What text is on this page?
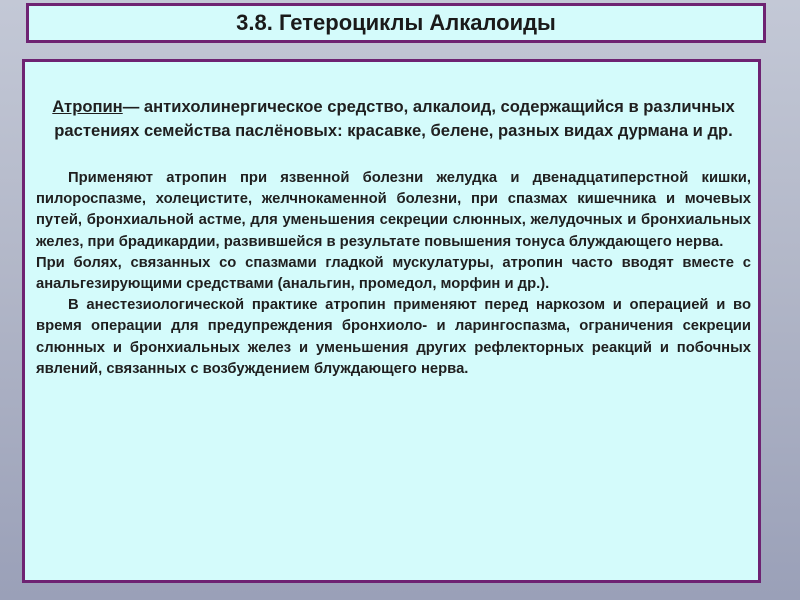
3.8. Гетероциклы Алкалоиды

Атропин— антихолинергическое средство, алкалоид, содержащийся в различных растениях семейства паслёновых: красавке, белене, разных видах дурмана и др.

Применяют атропин при язвенной болезни желудка и двенадцатиперстной кишки, пилороспазме, холецистите, желчнокаменной болезни, при спазмах кишечника и мочевых путей, бронхиальной астме, для уменьшения секреции слюнных, желудочных и бронхиальных желез, при брадикардии, развившейся в результате повышения тонуса блуждающего нерва.

При болях, связанных со спазмами гладкой мускулатуры, атропин часто вводят вместе с анальгезирующими средствами (анальгин, промедол, морфин и др.).

В анестезиологической практике атропин применяют перед наркозом и операцией и во время операции для предупреждения бронхиоло- и ларингоспазма, ограничения секреции слюнных и бронхиальных желез и уменьшения других рефлекторных реакций и побочных явлений, связанных с возбуждением блуждающего нерва.
